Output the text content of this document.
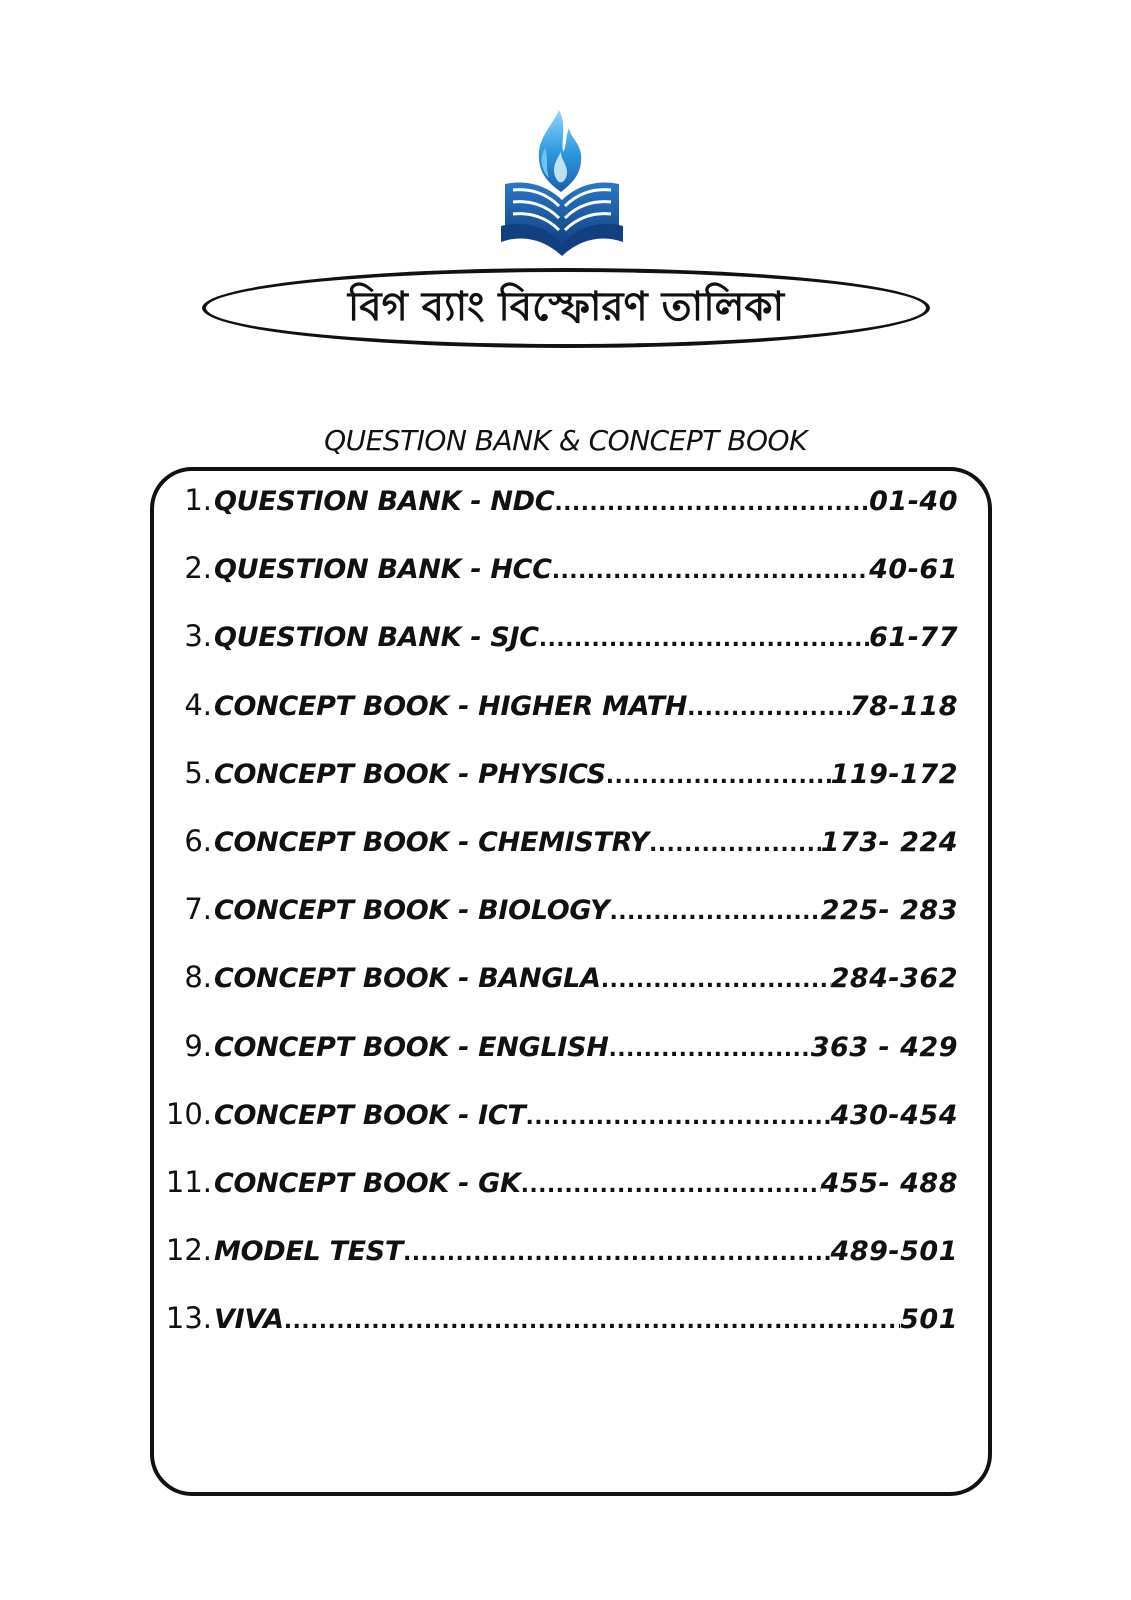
বিগ ব্যাং বিস্ফোরণ তালিকা
QUESTION BANK & CONCEPT BOOK
1. QUESTION BANK - NDC .....	01-40
2. QUESTION BANK - HCC .....	40-61
3. QUESTION BANK - SJC .....	61-77
4. CONCEPT BOOK - HIGHER MATH .....	78-118
5. CONCEPT BOOK - PHYSICS .....	119-172
6. CONCEPT BOOK - CHEMISTRY .....	173- 224
7. CONCEPT BOOK - BIOLOGY .....	225- 283
8. CONCEPT BOOK - BANGLA .....	284-362
9. CONCEPT BOOK - ENGLISH .....	363 - 429
10. CONCEPT BOOK - ICT .....	430-454
11. CONCEPT BOOK - GK .....	455- 488
12. MODEL TEST .....	489-501
13. VIVA .....	501
